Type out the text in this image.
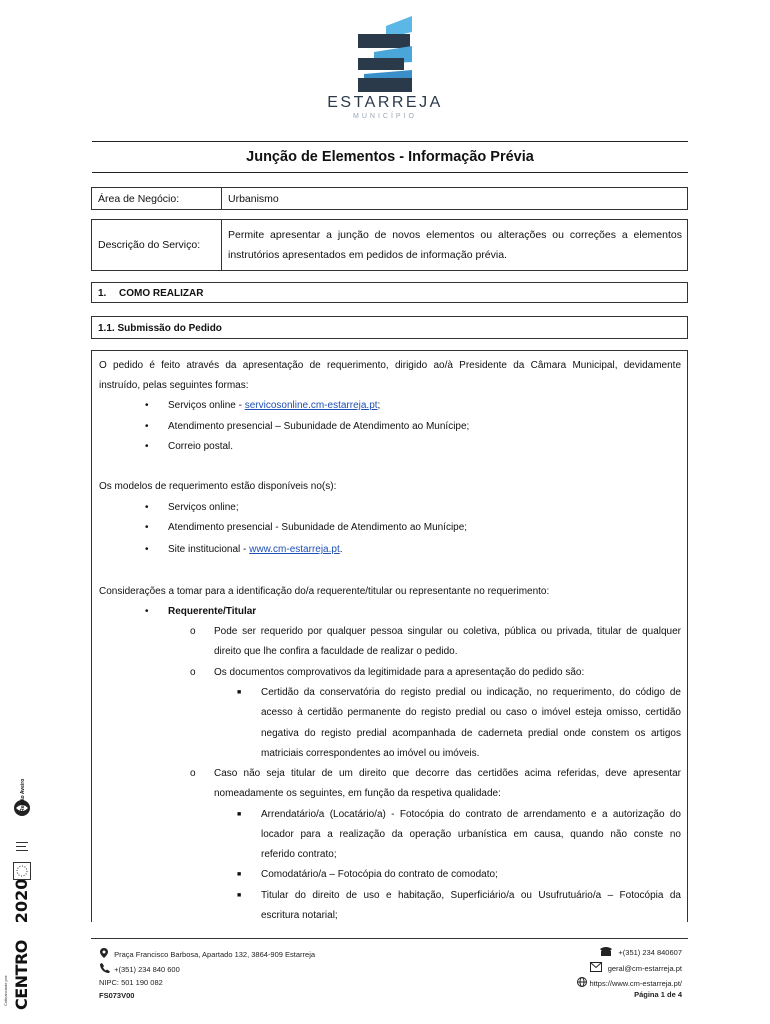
ESTARREJA
MUNICÍPIO
Junção de Elementos - Informação Prévia
Área de Negócio:	Urbanismo
Descrição do Serviço:
Permite apresentar a junção de novos elementos ou alterações ou correções a elementos
instrutórios apresentados em pedidos de informação prévia.
1. COMO REALIZAR
1.1. Submissão do Pedido
O pedido é feito através da apresentação de requerimento, dirigido ao/à Presidente da Câmara Municipal, devidamente
instruído, pelas seguintes formas:
• Serviços online - servicosonline.cm-estarreja.pt;
• Atendimento presencial – Subunidade de Atendimento ao Munícipe;
• Correio postal.
Os modelos de requerimento estão disponíveis no(s):
• Serviços online;
• Atendimento presencial - Subunidade de Atendimento ao Munícipe;
• Site institucional - www.cm-estarreja.pt.
Considerações a tomar para a identificação do/a requerente/titular ou representante no requerimento:
• Requerente/Titular
o Pode ser requerido por qualquer pessoa singular ou coletiva, pública ou privada, titular de qualquer
direito que lhe confira a faculdade de realizar o pedido.
o Os documentos comprovativos da legitimidade para a apresentação do pedido são:
■ Certidão da conservatória do registo predial ou indicação, no requerimento, do código de
acesso à certidão permanente do registo predial ou caso o imóvel esteja omisso, certidão
negativa do registo predial acompanhada de caderneta predial onde constem os artigos
matriciais correspondentes ao imóvel ou imóveis.
o Caso não seja titular de um direito que decorre das certidões acima referidas, deve apresentar
nomeadamente os seguintes, em função da respetiva qualidade:
■ Arrendatário/a (Locatário/a) - Fotocópia do contrato de arrendamento e a autorização do
locador para a realização da operação urbanística em causa, quando não conste no
referido contrato;
■ Comodatário/a – Fotocópia do contrato de comodato;
■ Titular do direito de uso e habitação, Superficiário/a ou Usufrutuário/a – Fotocópia da
escritura notarial;
Praça Francisco Barbosa, Apartado 132, 3864-909 Estarreja
+(351) 234 840 600
NIPC: 501 190 082
FS073V00
+(351) 234 840607
geral@cm-estarreja.pt
https://www.cm-estarreja.pt/
Página 1 de 4
CENTRO  2020
Cofinanciado por:
Região Aveiro
